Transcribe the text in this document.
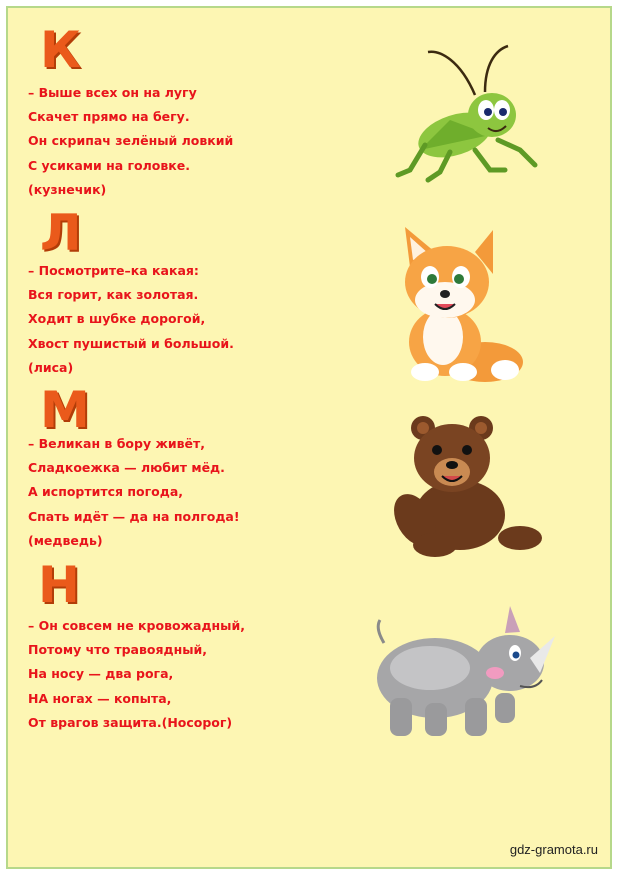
К
– Выше всех он на лугу
Скачет прямо на бегу.
Он скрипач зелёный ловкий
С усиками на головке.
(кузнечик)
Л
– Посмотрите–ка какая:
Вся горит, как золотая.
Ходит в шубке дорогой,
Хвост пушистый и большой.
(лиса)
М
– Великан в бору живёт,
Сладкоежка — любит мёд.
А испортится погода,
Спать идёт — да на полгода!
(медведь)
Н
– Он совсем не кровожадный,
Потому что травоядный,
На носу — два рога,
НА ногах — копыта,
От врагов защита.(Носорог)
gdz-gramota.ru
